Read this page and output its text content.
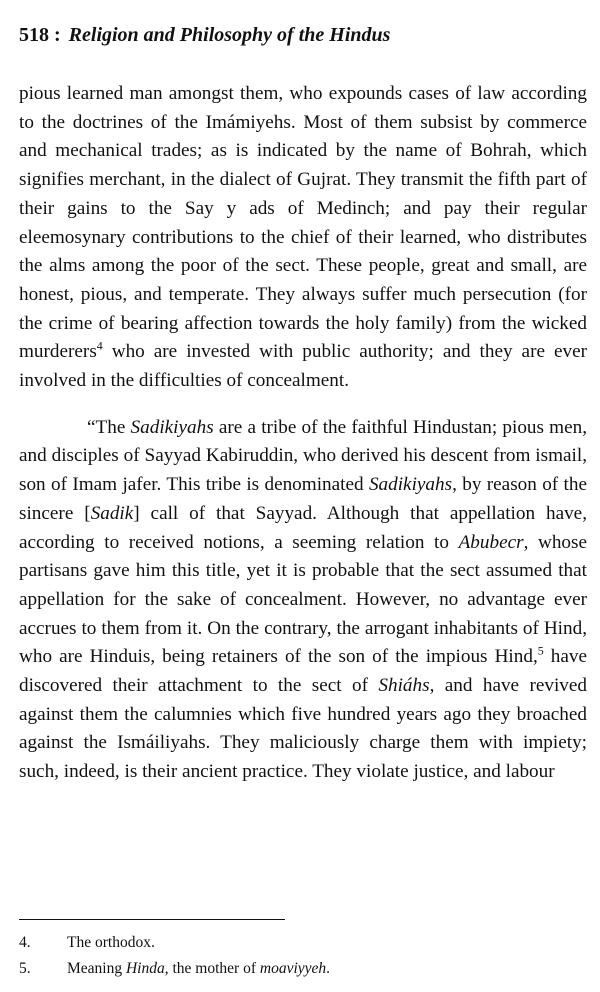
518 : Religion and Philosophy of the Hindus

pious learned man amongst them, who expounds cases of law according to the doctrines of the Imámiyehs. Most of them subsist by commerce and mechanical trades; as is indicated by the name of Bohrah, which signifies merchant, in the dialect of Gujrat. They transmit the fifth part of their gains to the Say y ads of Medinch; and pay their regular eleemosynary contributions to the chief of their learned, who distributes the alms among the poor of the sect. These people, great and small, are honest, pious, and temperate. They always suffer much persecution (for the crime of bearing affection towards the holy family) from the wicked murderers$^4$ who are invested with public authority; and they are ever involved in the difficulties of concealment.

“The Sadikiyahs are a tribe of the faithful Hindustan; pious men, and disciples of Sayyad Kabiruddin, who derived his descent from ismail, son of Imam jafer. This tribe is denominated Sadikiyahs, by reason of the sincere [Sadik] call of that Sayyad. Although that appellation have, according to received notions, a seeming relation to Abubecr, whose partisans gave him this title, yet it is probable that the sect assumed that appellation for the sake of concealment. However, no advantage ever accrues to them from it. On the contrary, the arrogant inhabitants of Hind, who are Hinduis, being retainers of the son of the impious Hind,$^5$ have discovered their attachment to the sect of Shiáhs, and have revived against them the calumnies which five hundred years ago they broached against the Ismáiliyahs. They maliciously charge them with impiety; such, indeed, is their ancient practice. They violate justice, and labour

4.	The orthodox.
5.	Meaning Hinda, the mother of moaviyyeh.
